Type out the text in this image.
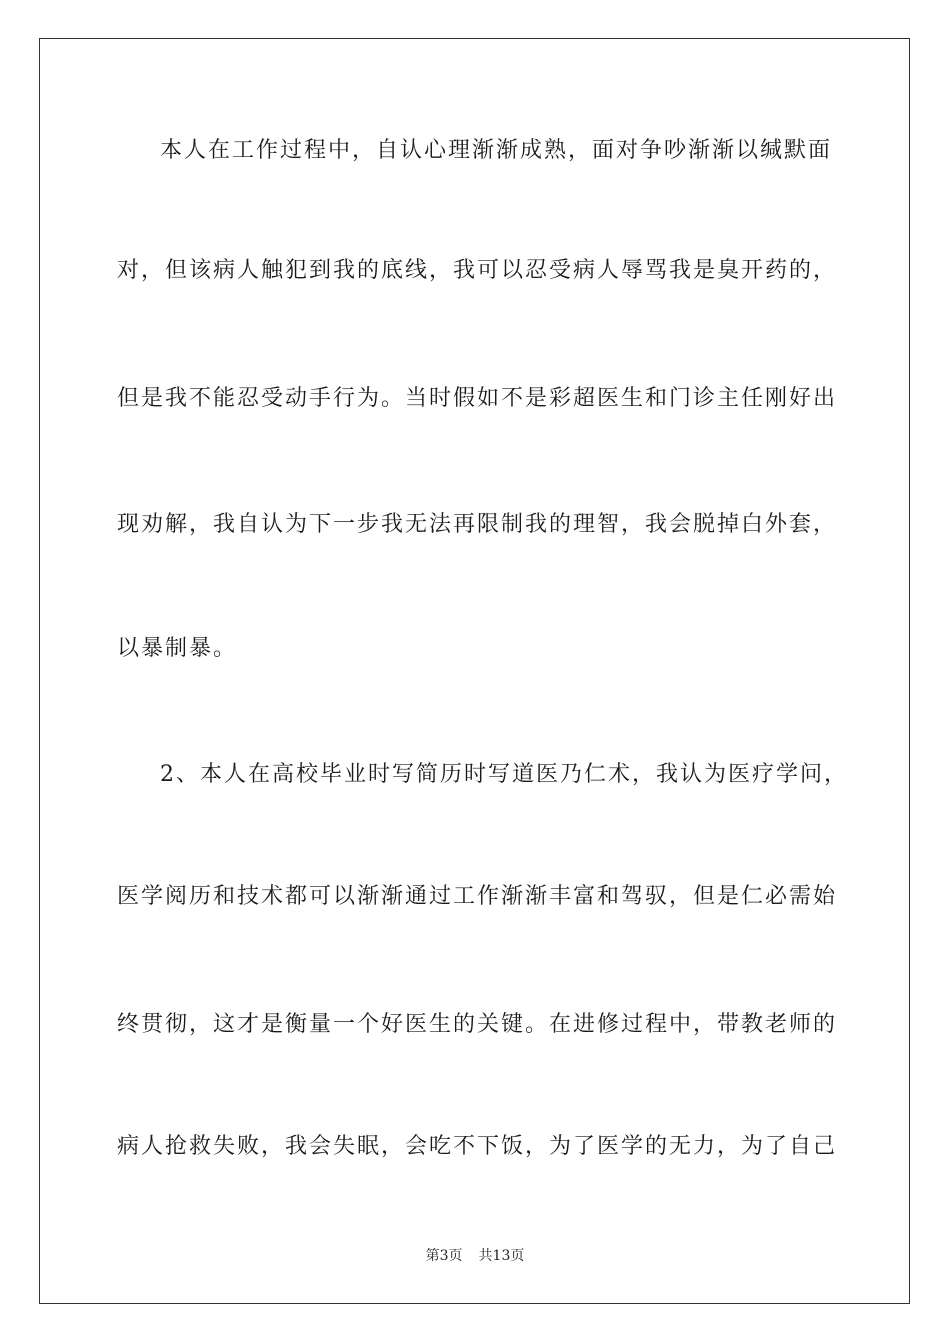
本人在工作过程中，自认心理渐渐成熟，面对争吵渐渐以缄默面
对，但该病人触犯到我的底线，我可以忍受病人辱骂我是臭开药的，
但是我不能忍受动手行为。当时假如不是彩超医生和门诊主任刚好出
现劝解，我自认为下一步我无法再限制我的理智，我会脱掉白外套，
以暴制暴。
2、本人在高校毕业时写简历时写道医乃仁术，我认为医疗学问，
医学阅历和技术都可以渐渐通过工作渐渐丰富和驾驭，但是仁必需始
终贯彻，这才是衡量一个好医生的关键。在进修过程中，带教老师的
病人抢救失败，我会失眠，会吃不下饭，为了医学的无力，为了自己
第3页 共13页
